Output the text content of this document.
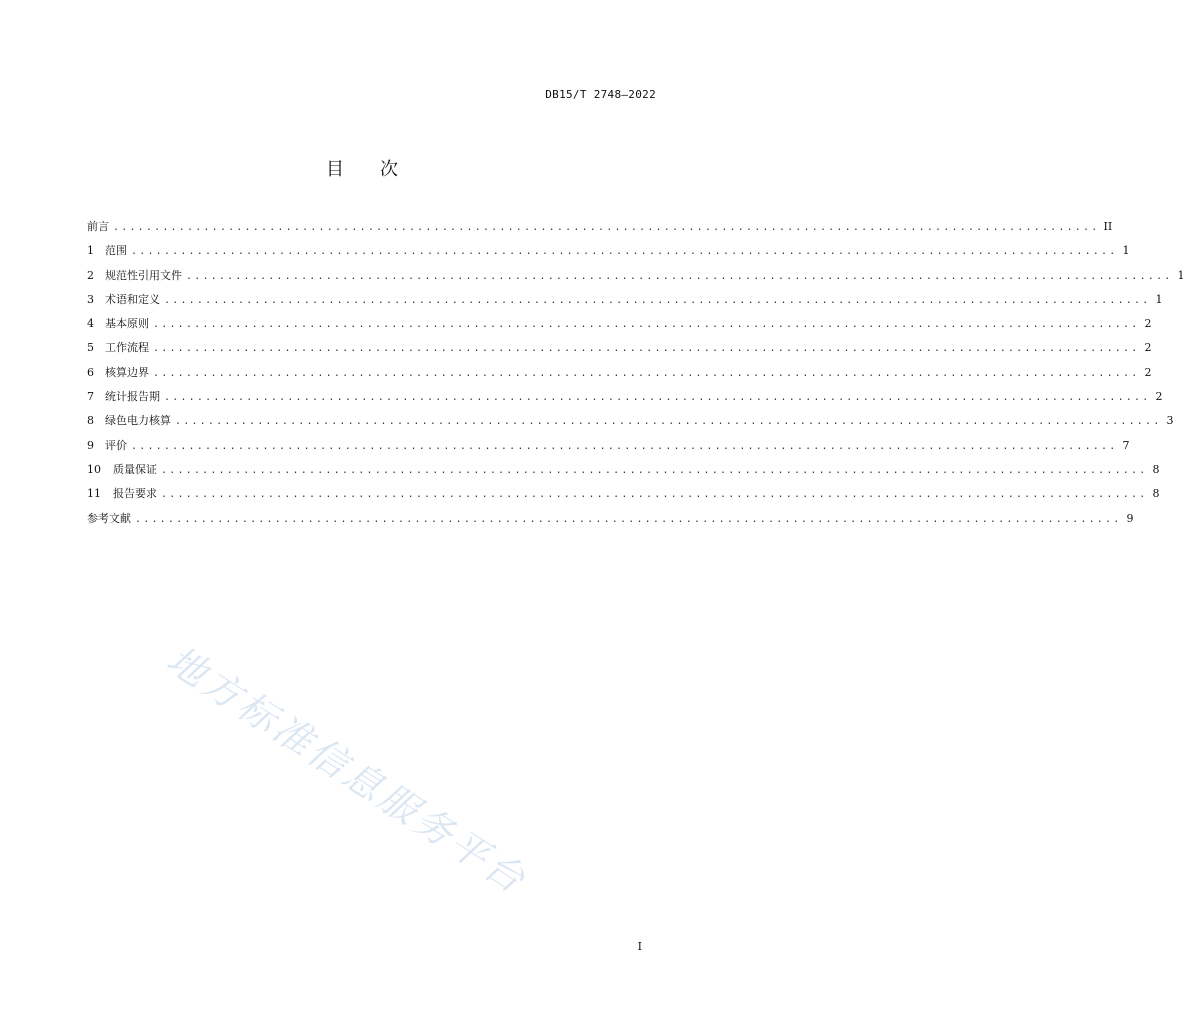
DB15/T 2748—2022
目 次
前言 ........................................................................................................................ II
1	范围 ........................................................................................................................ 1
2	规范性引用文件 ........................................................................................................................ 1
3	术语和定义 ........................................................................................................................ 1
4	基本原则 ........................................................................................................................ 2
5	工作流程 ........................................................................................................................ 2
6	核算边界 ........................................................................................................................ 2
7	统计报告期 ........................................................................................................................ 2
8	绿色电力核算 ........................................................................................................................ 3
9	评价 ........................................................................................................................ 7
10	质量保证 ........................................................................................................................ 8
11	报告要求 ........................................................................................................................ 8
参考文献 ........................................................................................................................ 9
地方标准信息服务平台
I
